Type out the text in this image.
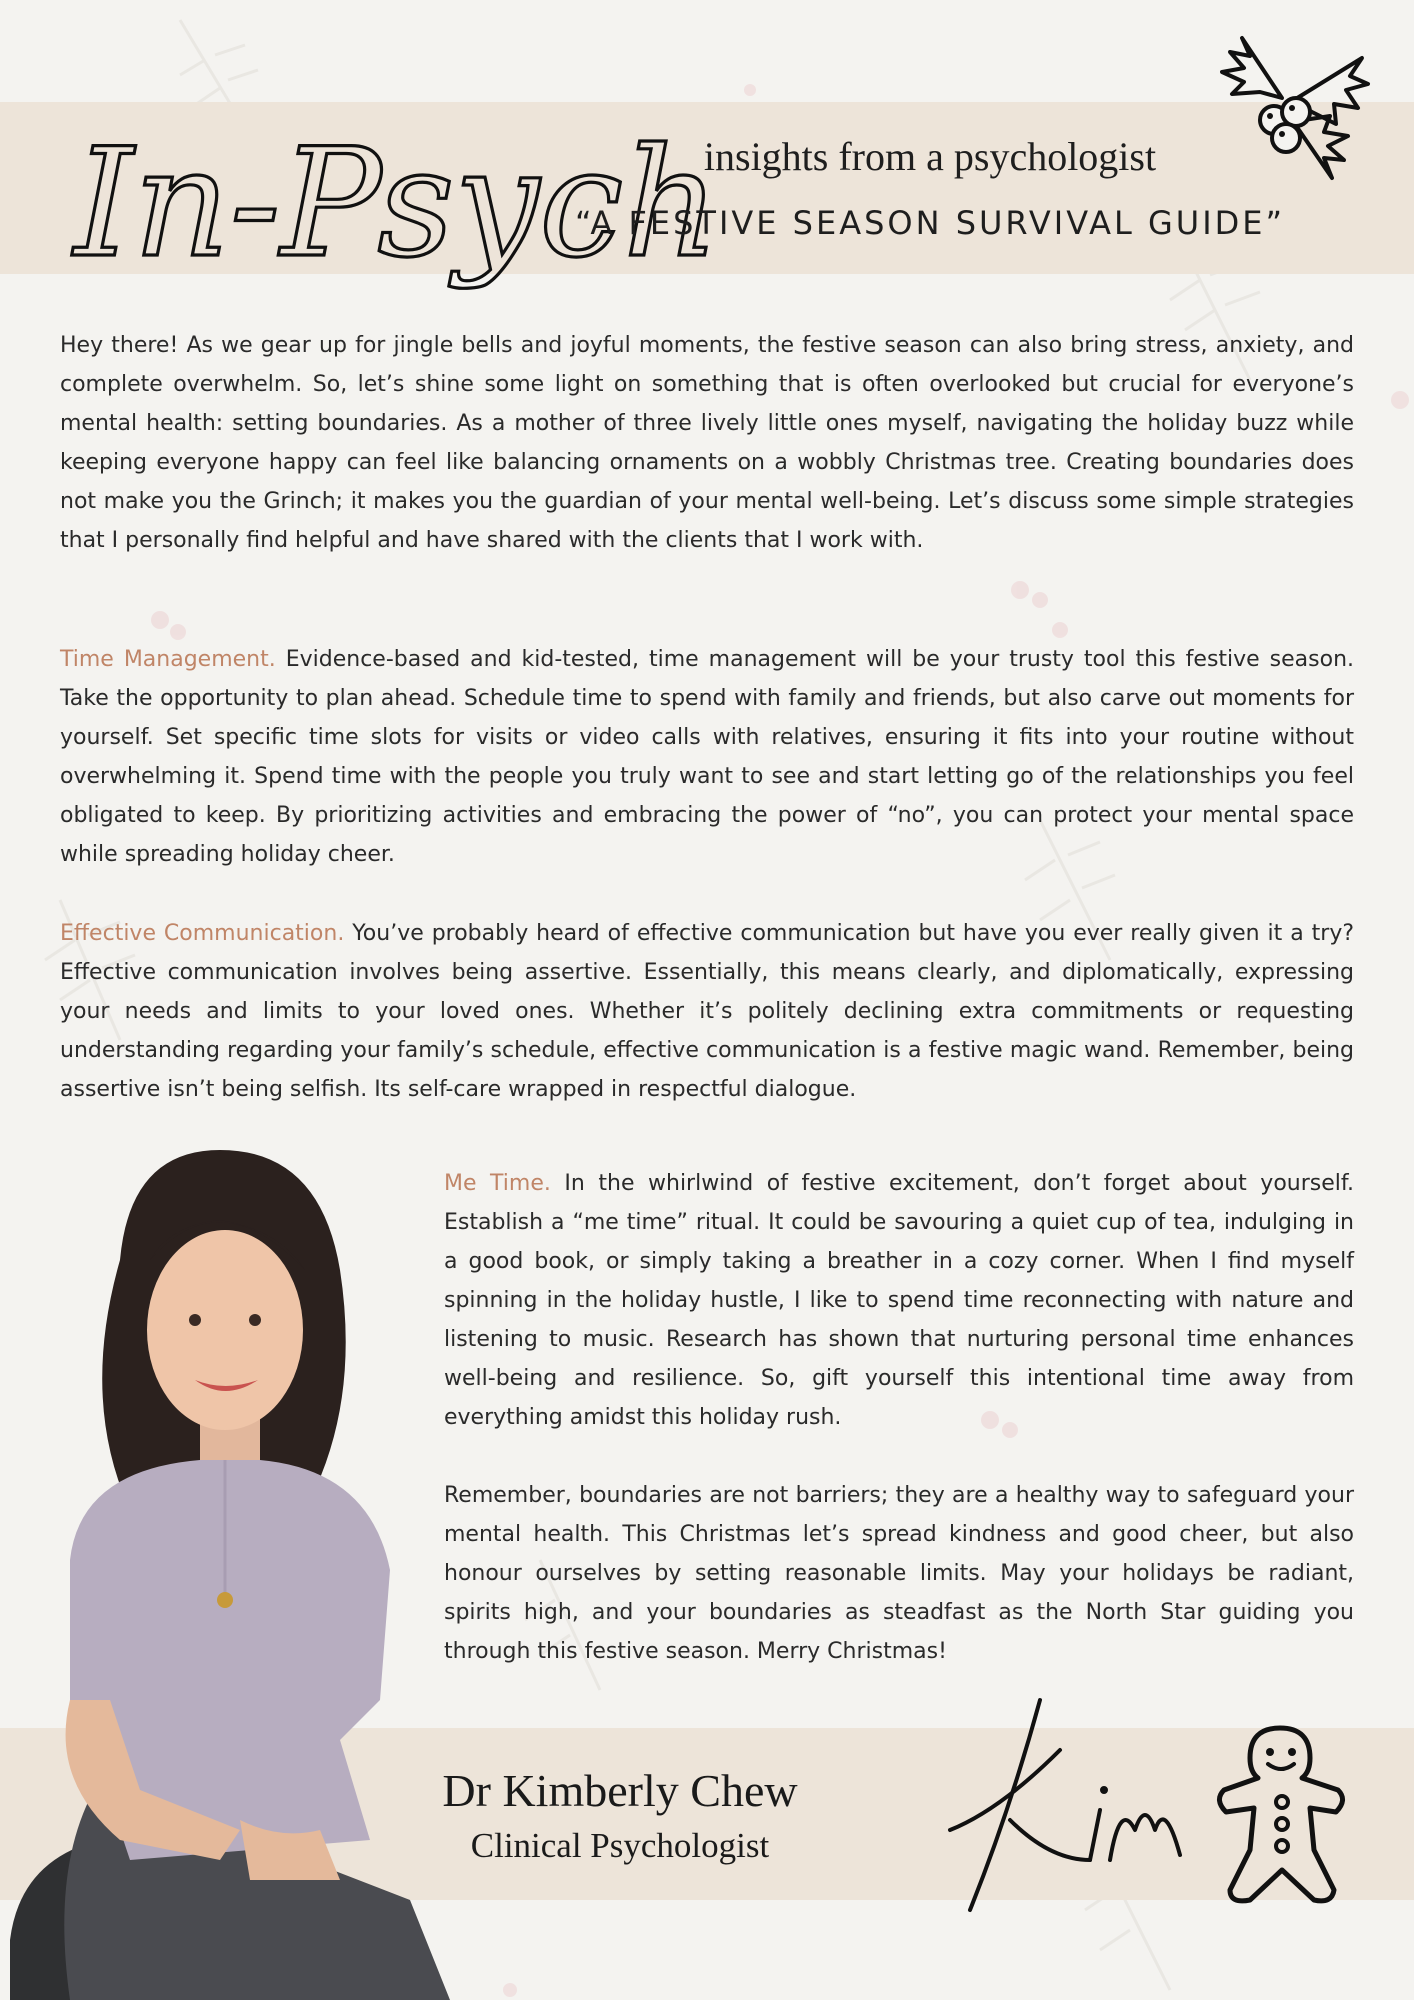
In-Psych
insights from a psychologist
“A FESTIVE SEASON SURVIVAL GUIDE”

Hey there! As we gear up for jingle bells and joyful moments, the festive season can also bring stress, anxiety, and complete overwhelm. So, let’s shine some light on something that is often overlooked but crucial for everyone’s mental health: setting boundaries. As a mother of three lively little ones myself, navigating the holiday buzz while keeping everyone happy can feel like balancing ornaments on a wobbly Christmas tree. Creating boundaries does not make you the Grinch; it makes you the guardian of your mental well-being. Let’s discuss some simple strategies that I personally find helpful and have shared with the clients that I work with.

Time Management. Evidence-based and kid-tested, time management will be your trusty tool this festive season. Take the opportunity to plan ahead. Schedule time to spend with family and friends, but also carve out moments for yourself. Set specific time slots for visits or video calls with relatives, ensuring it fits into your routine without overwhelming it. Spend time with the people you truly want to see and start letting go of the relationships you feel obligated to keep. By prioritizing activities and embracing the power of “no”, you can protect your mental space while spreading holiday cheer.

Effective Communication. You’ve probably heard of effective communication but have you ever really given it a try? Effective communication involves being assertive. Essentially, this means clearly, and diplomatically, expressing your needs and limits to your loved ones. Whether it’s politely declining extra commitments or requesting understanding regarding your family’s schedule, effective communication is a festive magic wand. Remember, being assertive isn’t being selfish. Its self-care wrapped in respectful dialogue.

Me Time. In the whirlwind of festive excitement, don’t forget about yourself. Establish a “me time” ritual. It could be savouring a quiet cup of tea, indulging in a good book, or simply taking a breather in a cozy corner. When I find myself spinning in the holiday hustle, I like to spend time reconnecting with nature and listening to music. Research has shown that nurturing personal time enhances well-being and resilience. So, gift yourself this intentional time away from everything amidst this holiday rush.

Remember, boundaries are not barriers; they are a healthy way to safeguard your mental health. This Christmas let’s spread kindness and good cheer, but also honour ourselves by setting reasonable limits. May your holidays be radiant, spirits high, and your boundaries as steadfast as the North Star guiding you through this festive season. Merry Christmas!

Dr Kimberly Chew
Clinical Psychologist
